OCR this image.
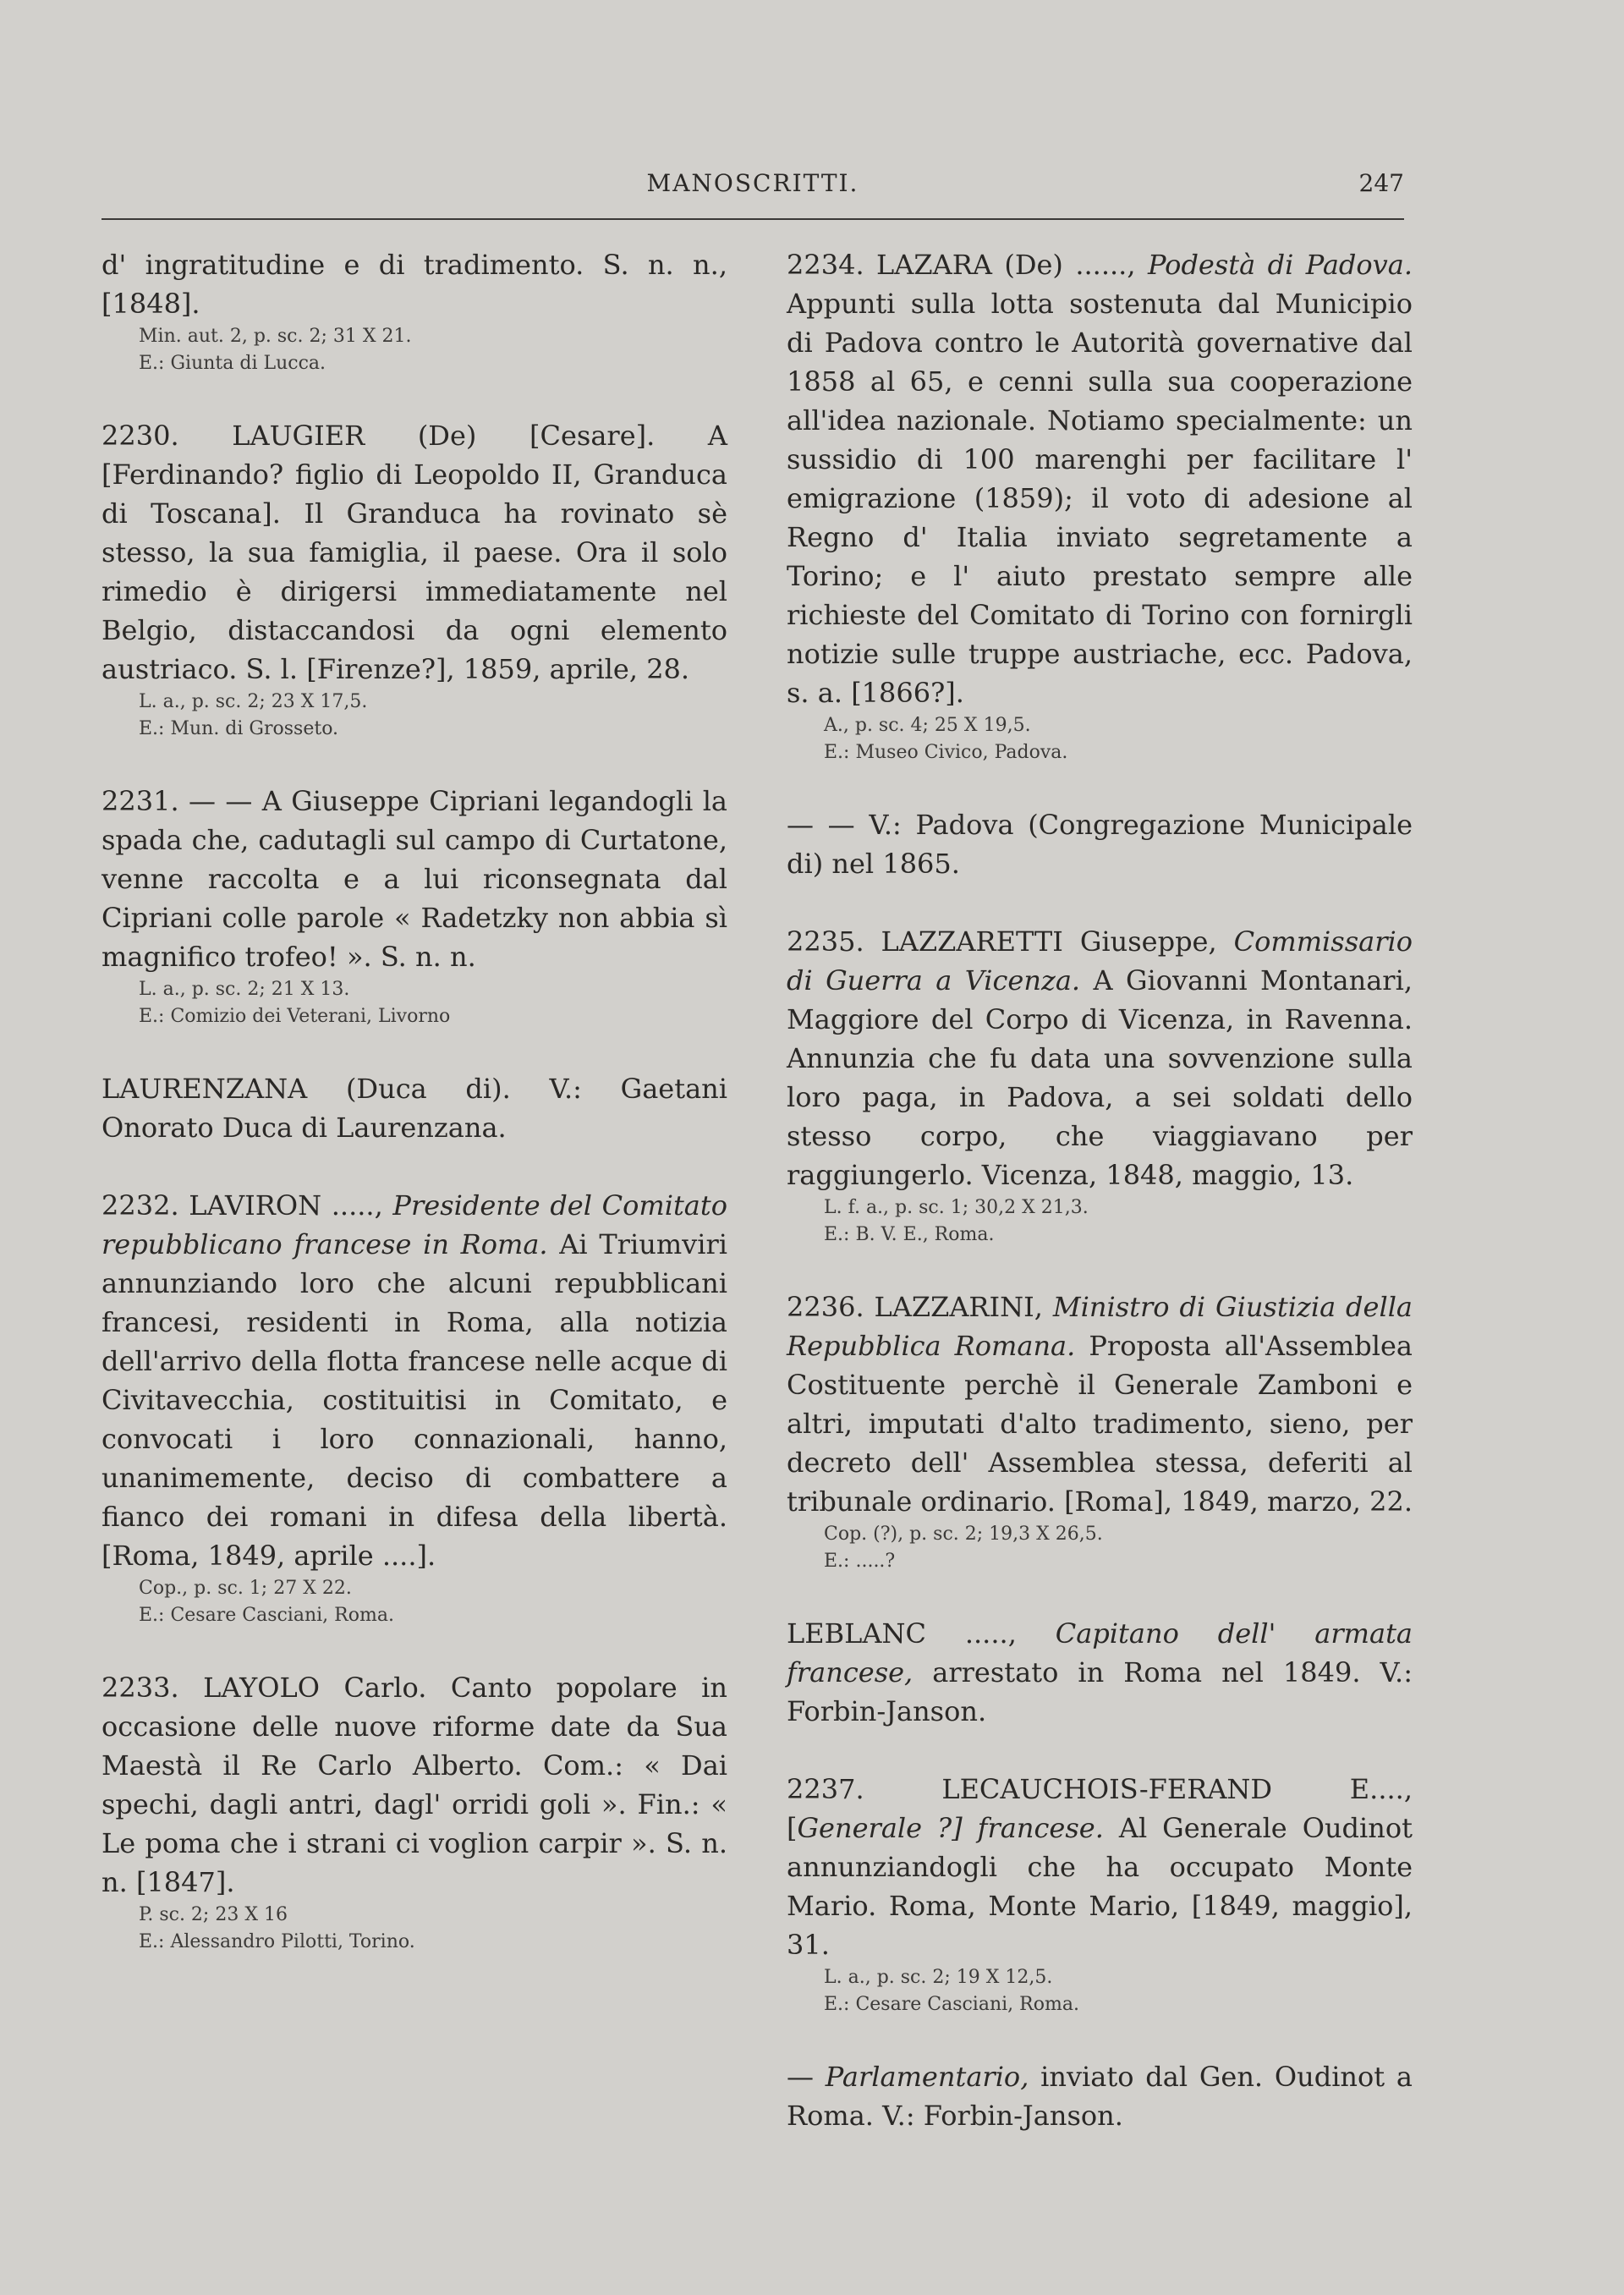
MANOSCRITTI.	247

d' ingratitudine e di tradimento. S. n. n., [1848].

Min. aut. 2, p. sc. 2; 31 X 21.

E.: Giunta di Lucca.

2230. LAUGIER (De) [Cesare]. A [Ferdinando? figlio di Leopoldo II, Granduca di Toscana]. Il Granduca ha rovinato sè stesso, la sua famiglia, il paese. Ora il solo rimedio è dirigersi immediatamente nel Belgio, distaccandosi da ogni elemento austriaco. S. l. [Firenze?], 1859, aprile, 28.

L. a., p. sc. 2; 23 X 17,5.

E.: Mun. di Grosseto.

2231. — — A Giuseppe Cipriani legandogli la spada che, cadutagli sul campo di Curtatone, venne raccolta e a lui riconsegnata dal Cipriani colle parole « Radetzky non abbia sì magnifico trofeo! ». S. n. n.

L. a., p. sc. 2; 21 X 13.

E.: Comizio dei Veterani, Livorno

LAURENZANA (Duca di). V.: Gaetani Onorato Duca di Laurenzana.

2232. LAVIRON ....., Presidente del Comitato repubblicano francese in Roma. Ai Triumviri annunziando loro che alcuni repubblicani francesi, residenti in Roma, alla notizia dell'arrivo della flotta francese nelle acque di Civitavecchia, costituitisi in Comitato, e convocati i loro connazionali, hanno, unanimemente, deciso di combattere a fianco dei romani in difesa della libertà. [Roma, 1849, aprile ....].

Cop., p. sc. 1; 27 X 22.

E.: Cesare Casciani, Roma.

2233. LAYOLO Carlo. Canto popolare in occasione delle nuove riforme date da Sua Maestà il Re Carlo Alberto. Com.: « Dai spechi, dagli antri, dagl' orridi goli ». Fin.: « Le poma che i strani ci voglion carpir ». S. n. n. [1847].

P. sc. 2; 23 X 16

E.: Alessandro Pilotti, Torino.

2234. LAZARA (De) ......, Podestà di Padova. Appunti sulla lotta sostenuta dal Municipio di Padova contro le Autorità governative dal 1858 al 65, e cenni sulla sua cooperazione all'idea nazionale. Notiamo specialmente: un sussidio di 100 marenghi per facilitare l' emigrazione (1859); il voto di adesione al Regno d' Italia inviato segretamente a Torino; e l' aiuto prestato sempre alle richieste del Comitato di Torino con fornirgli notizie sulle truppe austriache, ecc. Padova, s. a. [1866?].

A., p. sc. 4; 25 X 19,5.

E.: Museo Civico, Padova.

— — V.: Padova (Congregazione Municipale di) nel 1865.

2235. LAZZARETTI Giuseppe, Commissario di Guerra a Vicenza. A Giovanni Montanari, Maggiore del Corpo di Vicenza, in Ravenna. Annunzia che fu data una sovvenzione sulla loro paga, in Padova, a sei soldati dello stesso corpo, che viaggiavano per raggiungerlo. Vicenza, 1848, maggio, 13.

L. f. a., p. sc. 1; 30,2 X 21,3.

E.: B. V. E., Roma.

2236. LAZZARINI, Ministro di Giustizia della Repubblica Romana. Proposta all'Assemblea Costituente perchè il Generale Zamboni e altri, imputati d'alto tradimento, sieno, per decreto dell' Assemblea stessa, deferiti al tribunale ordinario. [Roma], 1849, marzo, 22.

Cop. (?), p. sc. 2; 19,3 X 26,5.

E.: .....?

LEBLANC ....., Capitano dell' armata francese, arrestato in Roma nel 1849. V.: Forbin-Janson.

2237. LECAUCHOIS-FERAND E...., [Generale ?] francese. Al Generale Oudinot annunziandogli che ha occupato Monte Mario. Roma, Monte Mario, [1849, maggio], 31.

L. a., p. sc. 2; 19 X 12,5.

E.: Cesare Casciani, Roma.

— Parlamentario, inviato dal Gen. Oudinot a Roma. V.: Forbin-Janson.
